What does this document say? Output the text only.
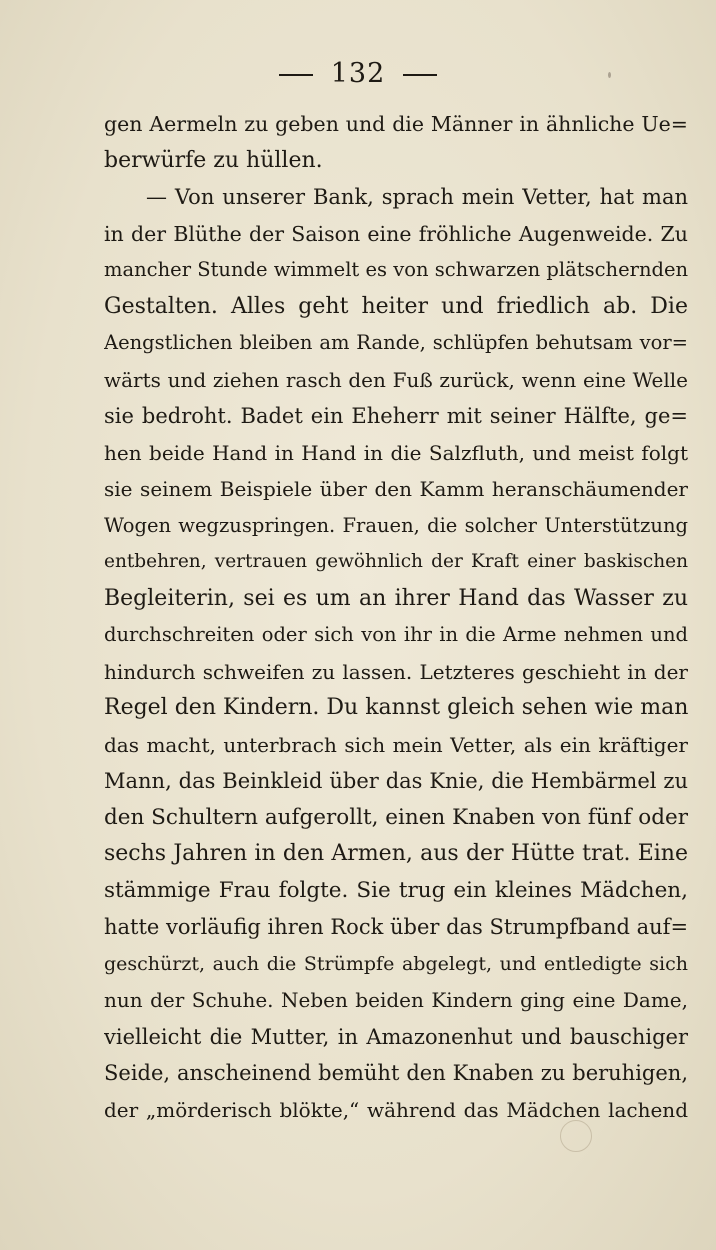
132
gen Aermeln zu geben und die Männer in ähnliche Ue=
berwürfe zu hüllen.
— Von unserer Bank, sprach mein Vetter, hat man
in der Blüthe der Saison eine fröhliche Augenweide. Zu
mancher Stunde wimmelt es von schwarzen plätschernden
Gestalten. Alles geht heiter und friedlich ab. Die
Aengstlichen bleiben am Rande, schlüpfen behutsam vor=
wärts und ziehen rasch den Fuß zurück, wenn eine Welle
sie bedroht. Badet ein Eheherr mit seiner Hälfte, ge=
hen beide Hand in Hand in die Salzfluth, und meist folgt
sie seinem Beispiele über den Kamm heranschäumender
Wogen wegzuspringen. Frauen, die solcher Unterstützung
entbehren, vertrauen gewöhnlich der Kraft einer baskischen
Begleiterin, sei es um an ihrer Hand das Wasser zu
durchschreiten oder sich von ihr in die Arme nehmen und
hindurch schweifen zu lassen. Letzteres geschieht in der
Regel den Kindern. Du kannst gleich sehen wie man
das macht, unterbrach sich mein Vetter, als ein kräftiger
Mann, das Beinkleid über das Knie, die Hembärmel zu
den Schultern aufgerollt, einen Knaben von fünf oder
sechs Jahren in den Armen, aus der Hütte trat. Eine
stämmige Frau folgte. Sie trug ein kleines Mädchen,
hatte vorläufig ihren Rock über das Strumpfband auf=
geschürzt, auch die Strümpfe abgelegt, und entledigte sich
nun der Schuhe. Neben beiden Kindern ging eine Dame,
vielleicht die Mutter, in Amazonenhut und bauschiger
Seide, anscheinend bemüht den Knaben zu beruhigen,
der „mörderisch blökte,“ während das Mädchen lachend
